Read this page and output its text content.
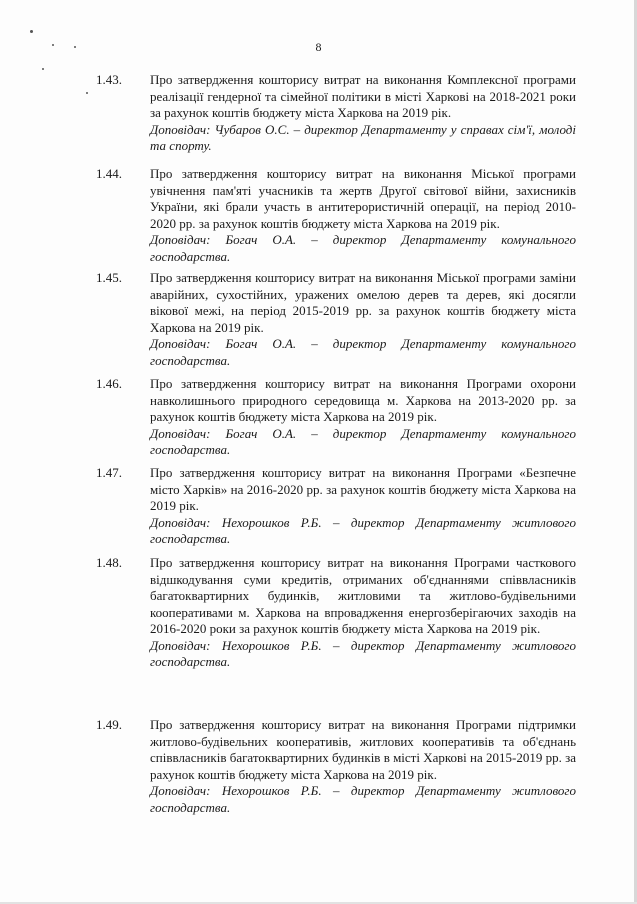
8
1.43.	Про затвердження кошторису витрат на виконання Комплексної програми реалізації гендерної та сімейної політики в місті Харкові на 2018-2021 роки за рахунок коштів бюджету міста Харкова на 2019 рік.

Доповідач: Чубаров О.С. – директор Департаменту у справах сім'ї, молоді та спорту.

1.44.	Про затвердження кошторису витрат на виконання Міської програми увічнення пам'яті учасників та жертв Другої світової війни, захисників України, які брали участь в антитерористичній операції, на період 2010-2020 рр. за рахунок коштів бюджету міста Харкова на 2019 рік.

Доповідач: Богач О.А. – директор Департаменту комунального господарства.

1.45.	Про затвердження кошторису витрат на виконання Міської програми заміни аварійних, сухостійних, уражених омелою дерев та дерев, які досягли вікової межі, на період 2015-2019 рр. за рахунок коштів бюджету міста Харкова на 2019 рік.

Доповідач: Богач О.А. – директор Департаменту комунального господарства.

1.46.	Про затвердження кошторису витрат на виконання Програми охорони навколишнього природного середовища м. Харкова на 2013-2020 рр. за рахунок коштів бюджету міста Харкова на 2019 рік.

Доповідач: Богач О.А. – директор Департаменту комунального господарства.

1.47.	Про затвердження кошторису витрат на виконання Програми «Безпечне місто Харків» на 2016-2020 рр. за рахунок коштів бюджету міста Харкова на 2019 рік.

Доповідач: Нехорошков Р.Б. – директор Департаменту житлового господарства.

1.48.	Про затвердження кошторису витрат на виконання Програми часткового відшкодування суми кредитів, отриманих об'єднаннями співвласників багатоквартирних будинків, житловими та житлово-будівельними кооперативами м. Харкова на впровадження енергозберігаючих заходів на 2016-2020 роки за рахунок коштів бюджету міста Харкова на 2019 рік.

Доповідач: Нехорошков Р.Б. – директор Департаменту житлового господарства.

1.49.	Про затвердження кошторису витрат на виконання Програми підтримки житлово-будівельних кооперативів, житлових кооперативів та об'єднань співвласників багатоквартирних будинків в місті Харкові на 2015-2019 рр. за рахунок коштів бюджету міста Харкова на 2019 рік.

Доповідач: Нехорошков Р.Б. – директор Департаменту житлового господарства.
